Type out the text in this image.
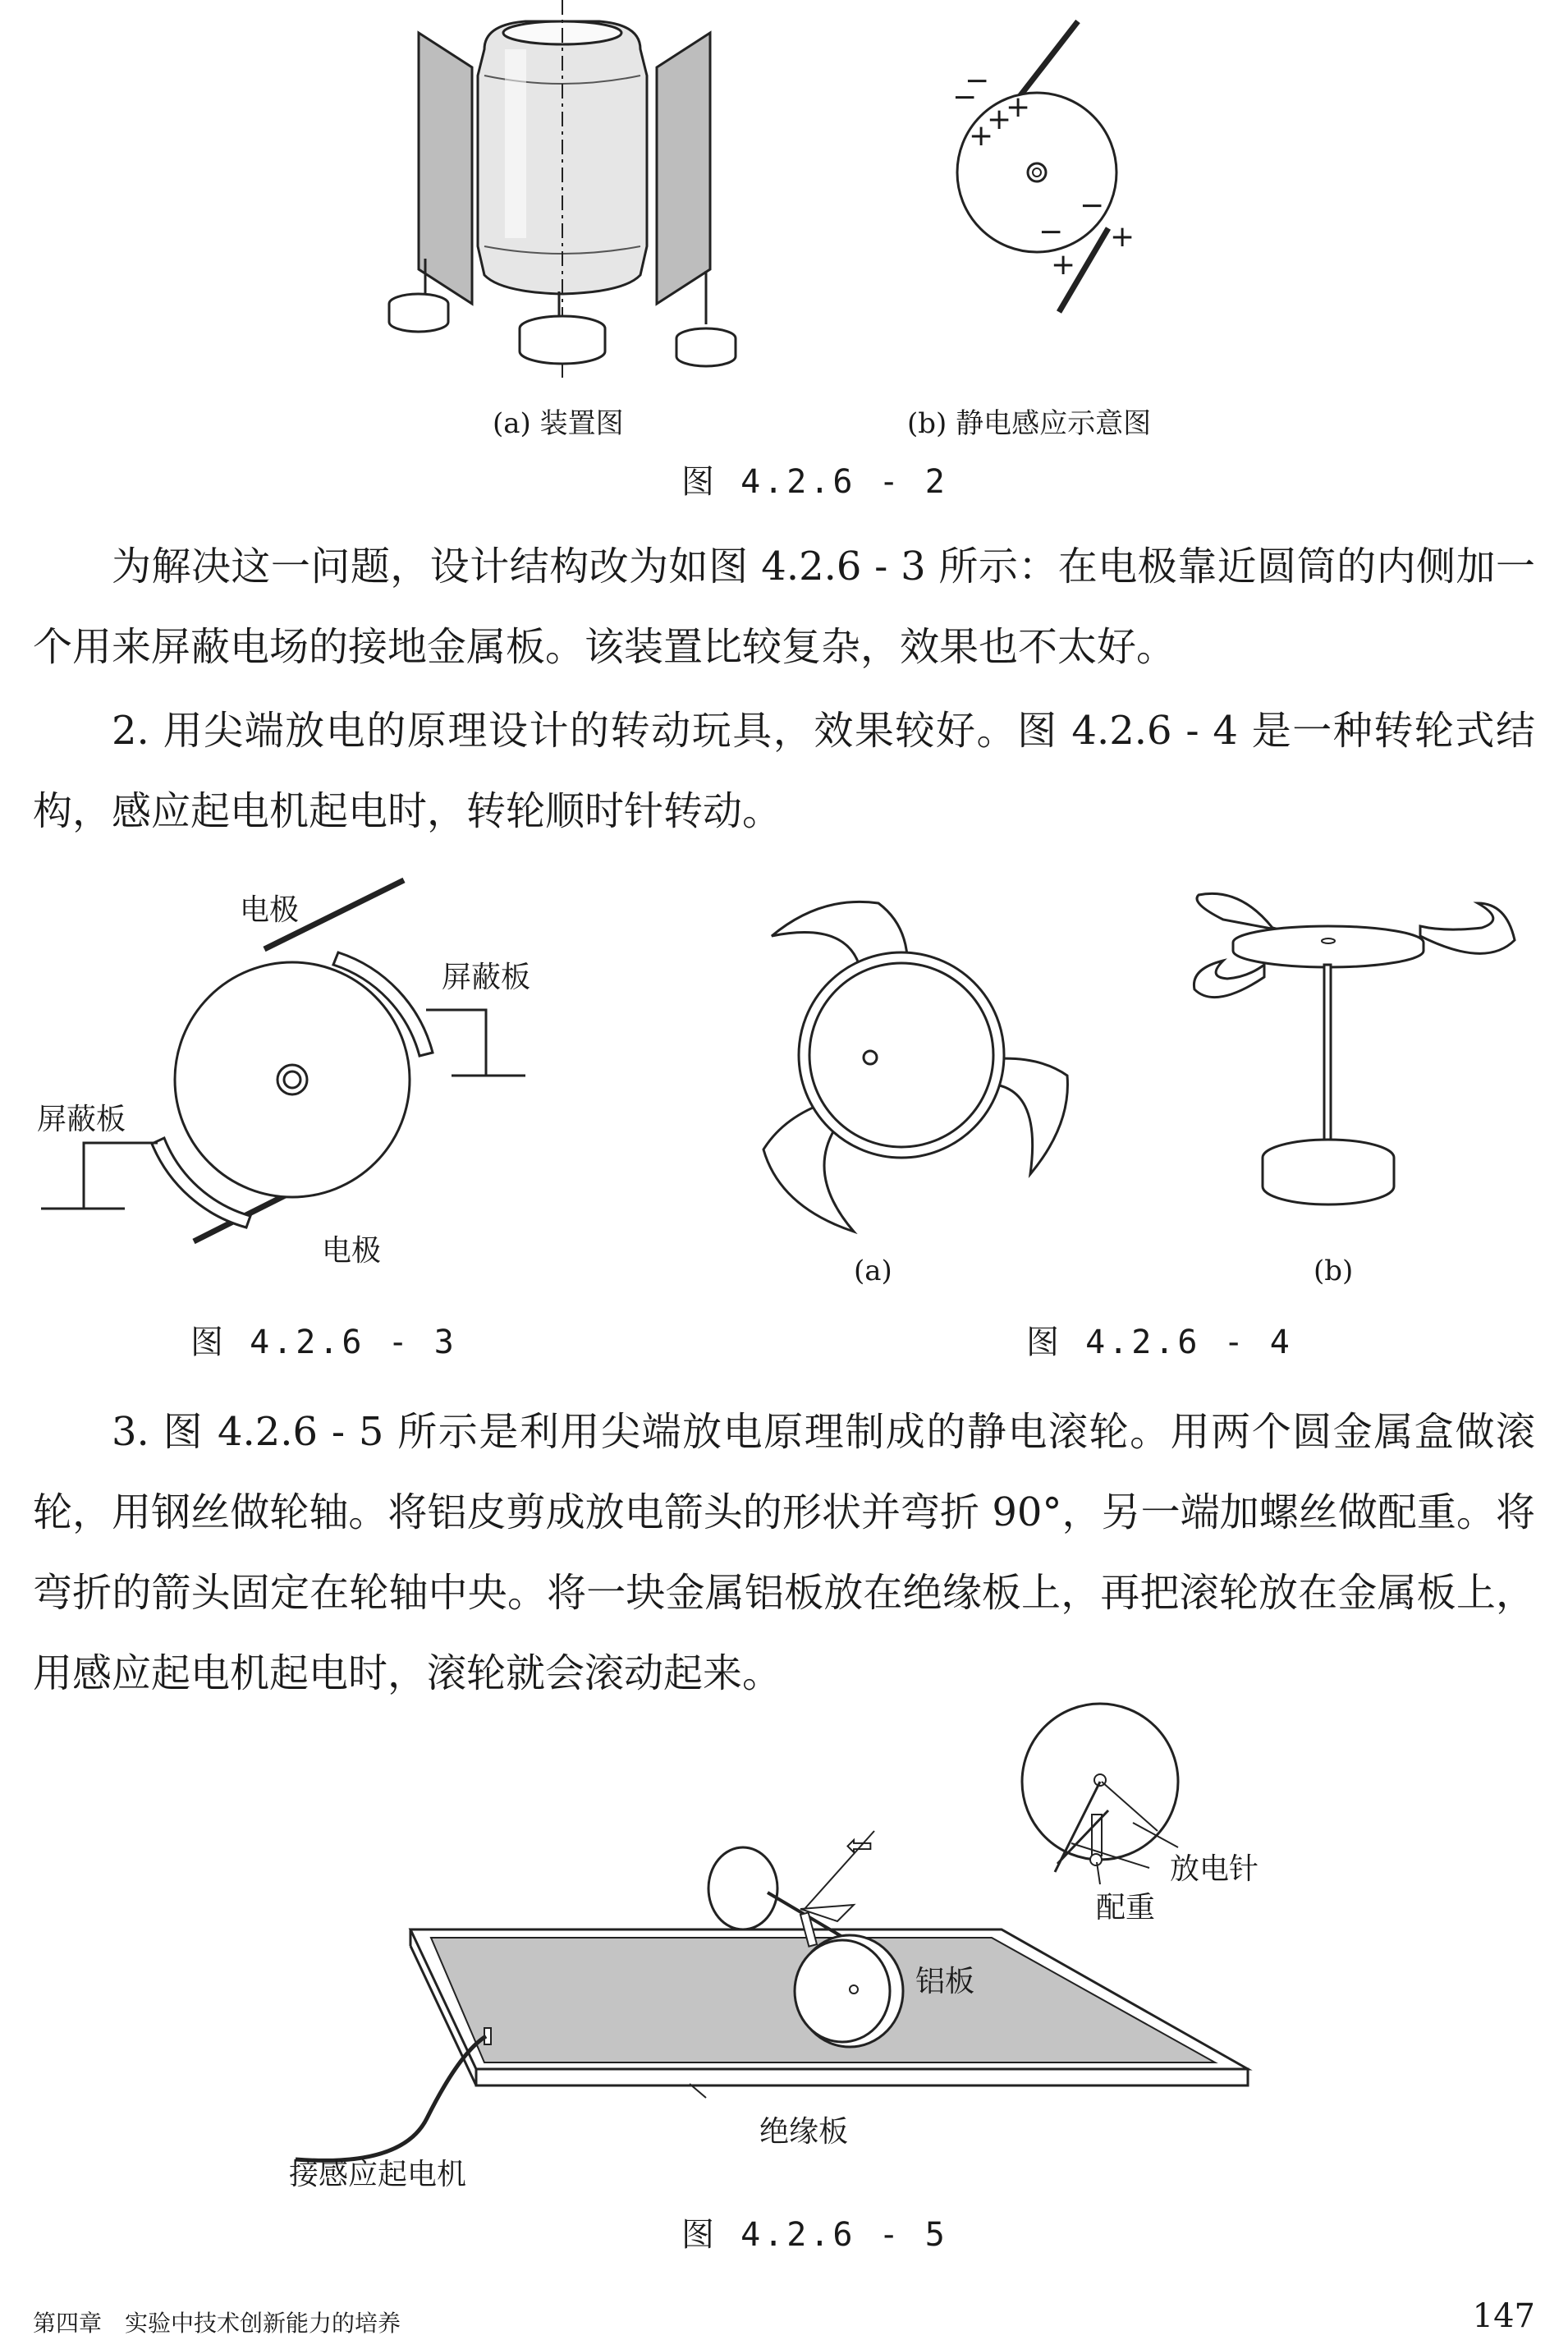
−
− +
+
+
−
− +
+
(a) 装置图	(b) 静电感应示意图
图 4.2.6 - 2

为解决这一问题，设计结构改为如图 4.2.6 - 3 所示：在电极靠近圆筒的内侧加一个用来屏蔽电场的接地金属板。该装置比较复杂，效果也不太好。

2. 用尖端放电的原理设计的转动玩具，效果较好。图 4.2.6 - 4 是一种转轮式结构，感应起电机起电时，转轮顺时针转动。

电极
屏蔽板
屏蔽板
电极
图 4.2.6 - 3
(a)	(b)
图 4.2.6 - 4

3. 图 4.2.6 - 5 所示是利用尖端放电原理制成的静电滚轮。用两个圆金属盒做滚轮，用钢丝做轮轴。将铝皮剪成放电箭头的形状并弯折 90°，另一端加螺丝做配重。将弯折的箭头固定在轮轴中央。将一块金属铝板放在绝缘板上，再把滚轮放在金属板上，用感应起电机起电时，滚轮就会滚动起来。

⇦
放电针
配重
铝板
绝缘板
接感应起电机
图 4.2.6 - 5
第四章　实验中技术创新能力的培养	147
